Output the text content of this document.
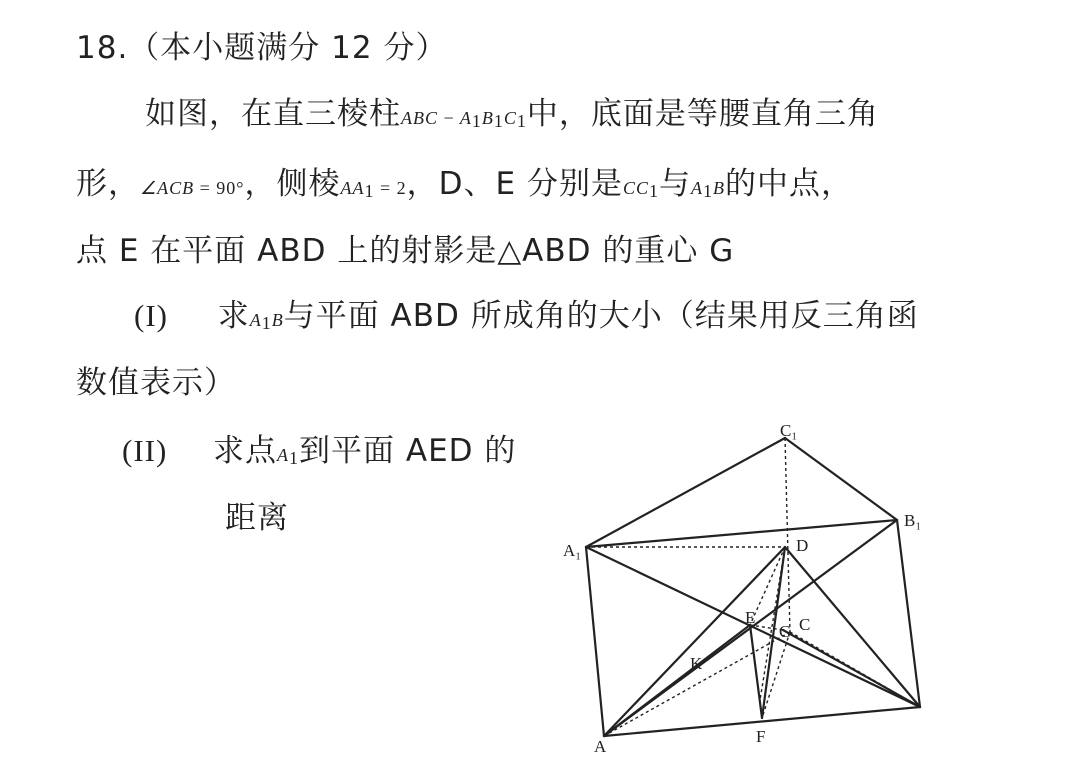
18.（本小题满分 12 分）
如图，在直三棱柱ABC − $A_1B_1C_1$中，底面是等腰直角三角
形，∠ACB = 90°，侧棱$AA_1 = 2$，D、E 分别是$CC_1$与$A_1B$的中点，
点 E 在平面 ABD 上的射影是△ABD 的重心 G
(I) 求$A_1B$与平面 ABD 所成角的大小（结果用反三角函
数值表示）
(II) 求点$A_1$到平面 AED 的
距离
C₁
B₁
A₁	D
E
G C
K
A
F
